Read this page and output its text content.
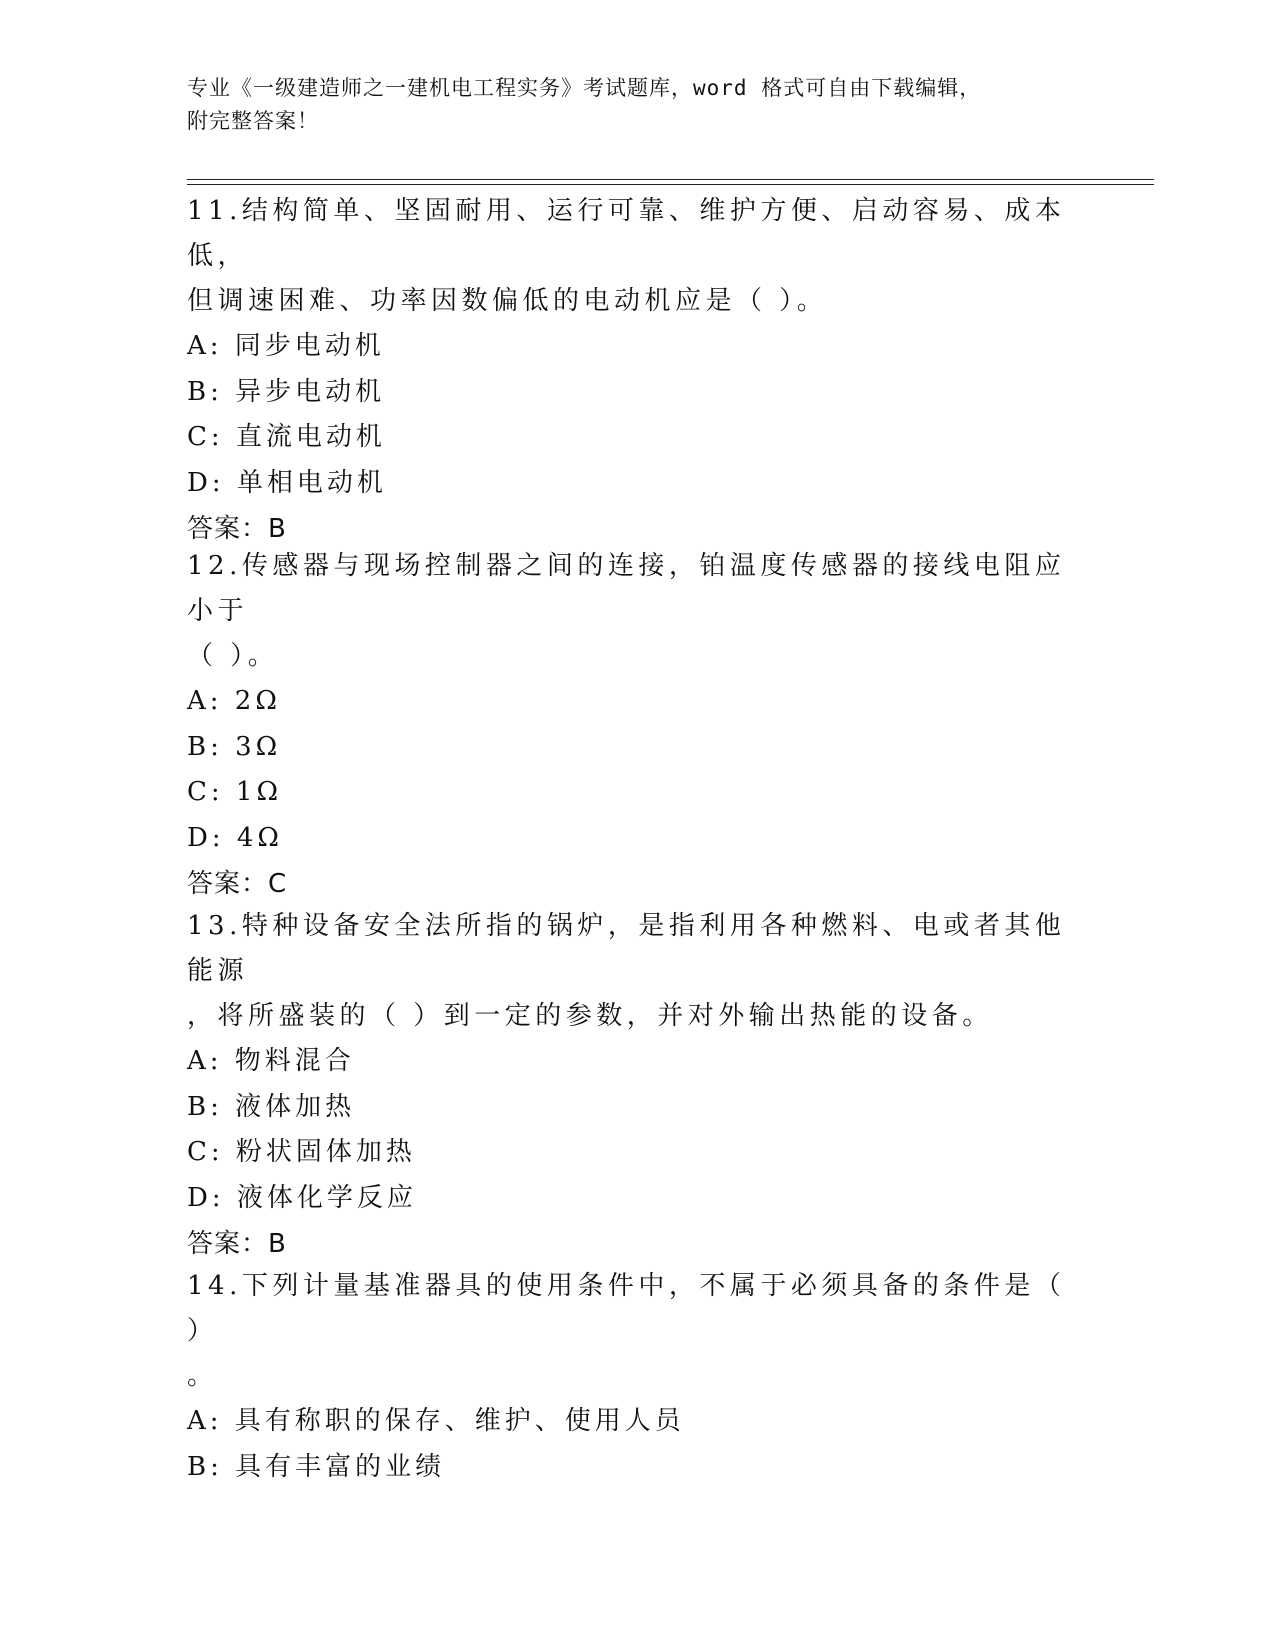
专业《一级建造师之一建机电工程实务》考试题库，word 格式可自由下载编辑，
附完整答案！
11.结构简单、坚固耐用、运行可靠、维护方便、启动容易、成本低，
但调速困难、功率因数偏低的电动机应是（ ）。
A: 同步电动机
B: 异步电动机
C: 直流电动机
D: 单相电动机
答案：B
12.传感器与现场控制器之间的连接，铂温度传感器的接线电阻应小于
（ ）。
A: 2Ω
B: 3Ω
C: 1Ω
D: 4Ω
答案：C
13.特种设备安全法所指的锅炉，是指利用各种燃料、电或者其他能源
，将所盛装的（ ）到一定的参数，并对外输出热能的设备。
A: 物料混合
B: 液体加热
C: 粉状固体加热
D: 液体化学反应
答案：B
14.下列计量基准器具的使用条件中，不属于必须具备的条件是（ ）
。
A: 具有称职的保存、维护、使用人员
B: 具有丰富的业绩
